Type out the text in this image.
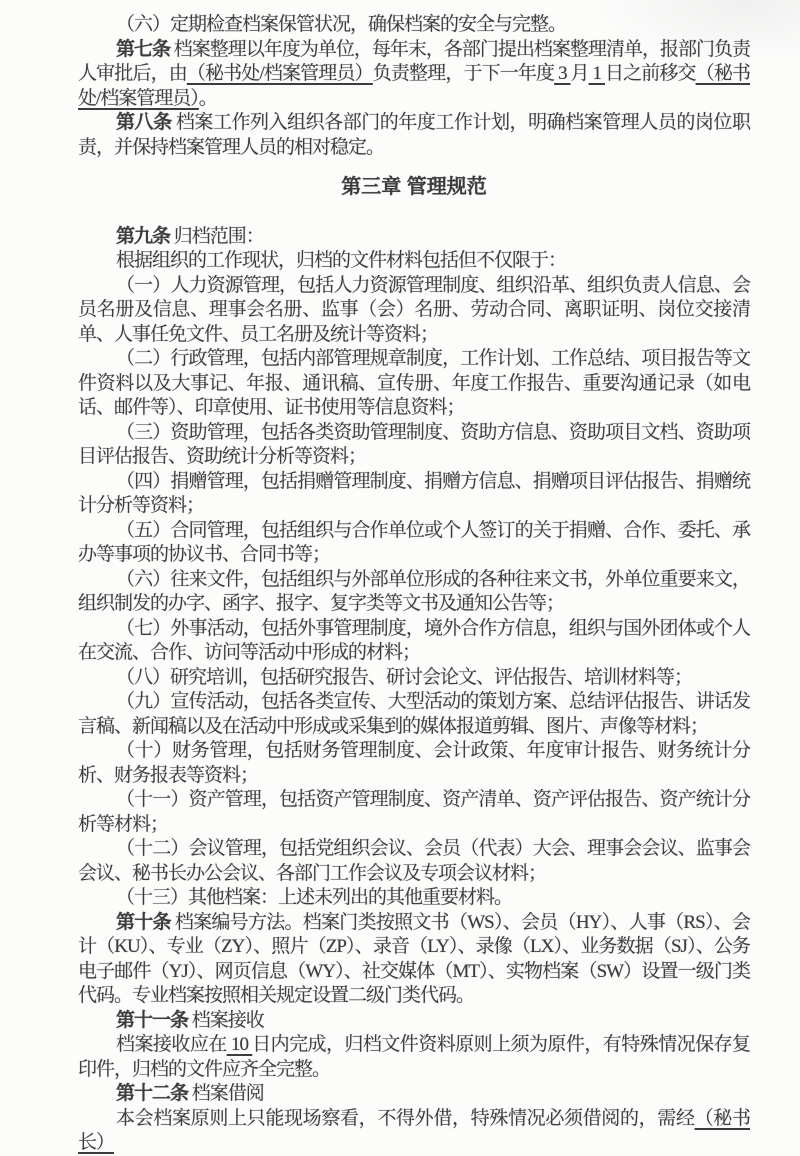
（六）定期检查档案保管状况，确保档案的安全与完整。

第七条 档案整理以年度为单位，每年末，各部门提出档案整理清单，报部门负责人审批后，由（秘书处/档案管理员）负责整理，于下一年度 3 月 1 日之前移交（秘书处/档案管理员）。

第八条 档案工作列入组织各部门的年度工作计划，明确档案管理人员的岗位职责，并保持档案管理人员的相对稳定。

第三章 管理规范

第九条 归档范围：

根据组织的工作现状，归档的文件材料包括但不仅限于：

（一）人力资源管理，包括人力资源管理制度、组织沿革、组织负责人信息、会员名册及信息、理事会名册、监事（会）名册、劳动合同、离职证明、岗位交接清单、人事任免文件、员工名册及统计等资料；

（二）行政管理，包括内部管理规章制度，工作计划、工作总结、项目报告等文件资料以及大事记、年报、通讯稿、宣传册、年度工作报告、重要沟通记录（如电话、邮件等）、印章使用、证书使用等信息资料；

（三）资助管理，包括各类资助管理制度、资助方信息、资助项目文档、资助项目评估报告、资助统计分析等资料；

（四）捐赠管理，包括捐赠管理制度、捐赠方信息、捐赠项目评估报告、捐赠统计分析等资料；

（五）合同管理，包括组织与合作单位或个人签订的关于捐赠、合作、委托、承办等事项的协议书、合同书等；

（六）往来文件，包括组织与外部单位形成的各种往来文书，外单位重要来文，组织制发的办字、函字、报字、复字类等文书及通知公告等；

（七）外事活动，包括外事管理制度，境外合作方信息，组织与国外团体或个人在交流、合作、访问等活动中形成的材料；

（八）研究培训，包括研究报告、研讨会论文、评估报告、培训材料等；

（九）宣传活动，包括各类宣传、大型活动的策划方案、总结评估报告、讲话发言稿、新闻稿以及在活动中形成或采集到的媒体报道剪辑、图片、声像等材料；

（十）财务管理，包括财务管理制度、会计政策、年度审计报告、财务统计分析、财务报表等资料；

（十一）资产管理，包括资产管理制度、资产清单、资产评估报告、资产统计分析等材料；

（十二）会议管理，包括党组织会议、会员（代表）大会、理事会会议、监事会会议、秘书长办公会议、各部门工作会议及专项会议材料；

（十三）其他档案：上述未列出的其他重要材料。

第十条 档案编号方法。档案门类按照文书（WS）、会员（HY）、人事（RS）、会计（KU）、专业（ZY）、照片（ZP）、录音（LY）、录像（LX）、业务数据（SJ）、公务电子邮件（YJ）、网页信息（WY）、社交媒体（MT）、实物档案（SW）设置一级门类代码。专业档案按照相关规定设置二级门类代码。

第十一条 档案接收

档案接收应在 10 日内完成，归档文件资料原则上须为原件，有特殊情况保存复印件，归档的文件应齐全完整。

第十二条 档案借阅

本会档案原则上只能现场察看，不得外借，特殊情况必须借阅的，需经（秘书长）
